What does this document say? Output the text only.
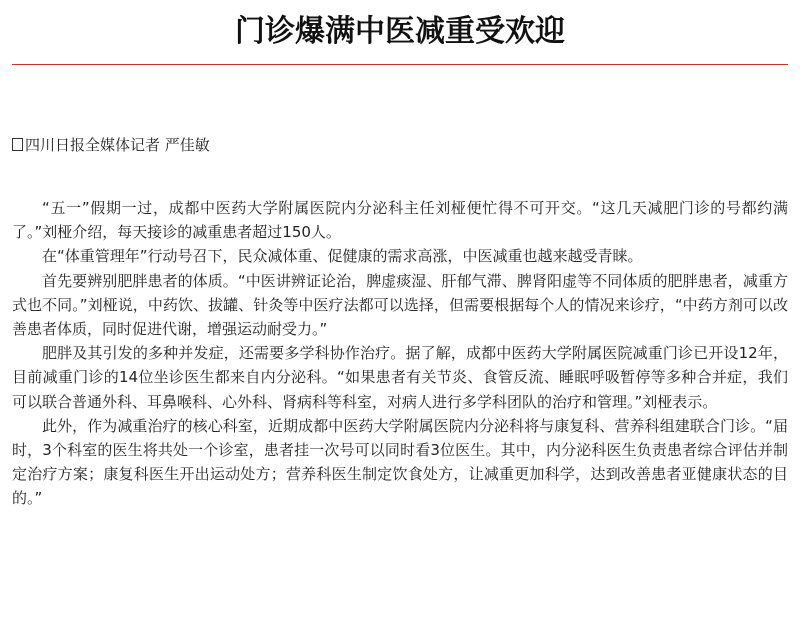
门诊爆满中医减重受欢迎
四川日报全媒体记者 严佳敏

“五一”假期一过，成都中医药大学附属医院内分泌科主任刘桠便忙得不可开交。“这几天减肥门诊的号都约满了。”刘桠介绍，每天接诊的减重患者超过150人。

在“体重管理年”行动号召下，民众减体重、促健康的需求高涨，中医减重也越来越受青睐。

首先要辨别肥胖患者的体质。“中医讲辨证论治，脾虚痰湿、肝郁气滞、脾肾阳虚等不同体质的肥胖患者，减重方式也不同。”刘桠说，中药饮、拔罐、针灸等中医疗法都可以选择，但需要根据每个人的情况来诊疗，“中药方剂可以改善患者体质，同时促进代谢，增强运动耐受力。”

肥胖及其引发的多种并发症，还需要多学科协作治疗。据了解，成都中医药大学附属医院减重门诊已开设12年，目前减重门诊的14位坐诊医生都来自内分泌科。“如果患者有关节炎、食管反流、睡眠呼吸暂停等多种合并症，我们可以联合普通外科、耳鼻喉科、心外科、肾病科等科室，对病人进行多学科团队的治疗和管理。”刘桠表示。

此外，作为减重治疗的核心科室，近期成都中医药大学附属医院内分泌科将与康复科、营养科组建联合门诊。“届时，3个科室的医生将共处一个诊室，患者挂一次号可以同时看3位医生。其中，内分泌科医生负责患者综合评估并制定治疗方案；康复科医生开出运动处方；营养科医生制定饮食处方，让减重更加科学，达到改善患者亚健康状态的目的。”
